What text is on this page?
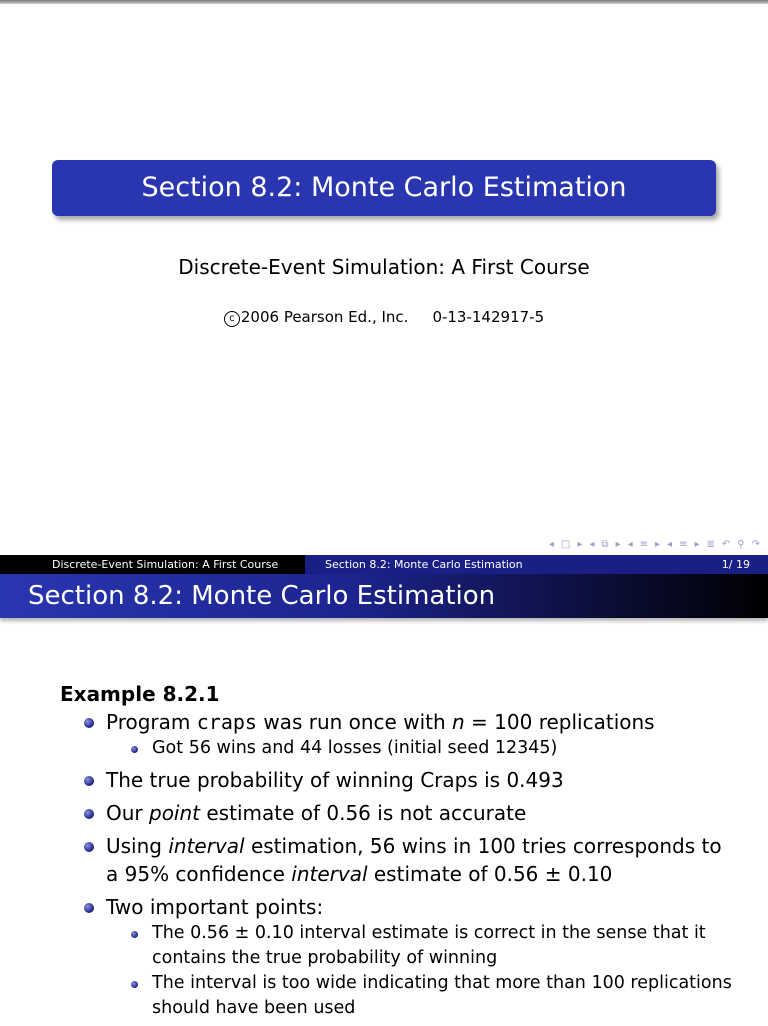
Section 8.2: Monte Carlo Estimation
Discrete-Event Simulation: A First Course
c 2006 Pearson Ed., Inc. 0-13-142917-5
◂ □ ▸ ◂ ⧉ ▸ ◂ ≡ ▸ ◂ ≡ ▸ ≣ ↶ ⚲ ↷
Discrete-Event Simulation: A First Course	Section 8.2: Monte Carlo Estimation	1/ 19
Section 8.2: Monte Carlo Estimation
Example 8.2.1
Program craps was run once with n = 100 replications
Got 56 wins and 44 losses (initial seed 12345)
The true probability of winning Craps is 0.493
Our point estimate of 0.56 is not accurate
Using interval estimation, 56 wins in 100 tries corresponds to a 95% confidence interval estimate of 0.56 ± 0.10
Two important points:
The 0.56 ± 0.10 interval estimate is correct in the sense that it contains the true probability of winning
The interval is too wide indicating that more than 100 replications should have been used
